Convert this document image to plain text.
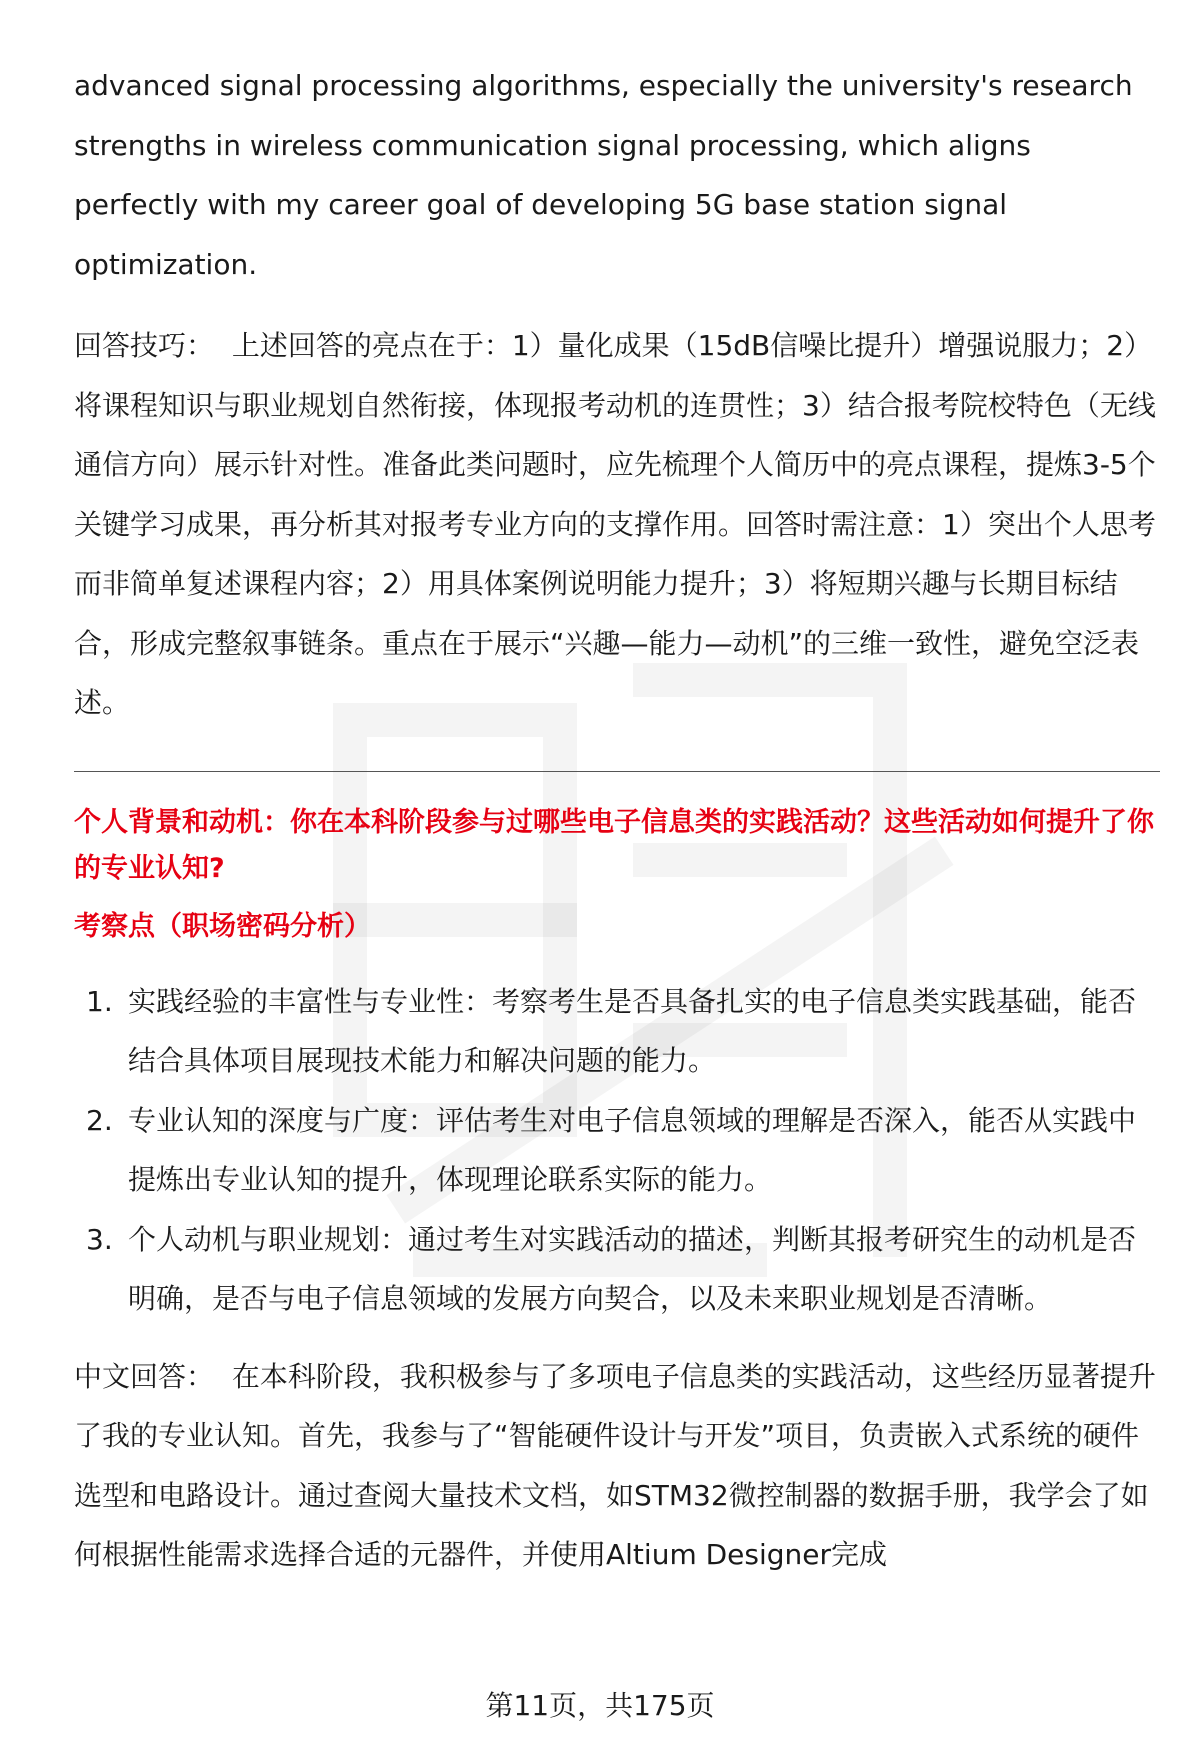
advanced signal processing algorithms, especially the university's research strengths in wireless communication signal processing, which aligns perfectly with my career goal of developing 5G base station signal optimization.

回答技巧： 上述回答的亮点在于：1）量化成果（15dB信噪比提升）增强说服力；2）将课程知识与职业规划自然衔接，体现报考动机的连贯性；3）结合报考院校特色（无线通信方向）展示针对性。准备此类问题时，应先梳理个人简历中的亮点课程，提炼3-5个关键学习成果，再分析其对报考专业方向的支撑作用。回答时需注意：1）突出个人思考而非简单复述课程内容；2）用具体案例说明能力提升；3）将短期兴趣与长期目标结合，形成完整叙事链条。重点在于展示“兴趣—能力—动机”的三维一致性，避免空泛表述。

个人背景和动机：你在本科阶段参与过哪些电子信息类的实践活动？这些活动如何提升了你的专业认知?
考察点（职场密码分析）
1. 实践经验的丰富性与专业性：考察考生是否具备扎实的电子信息类实践基础，能否结合具体项目展现技术能力和解决问题的能力。
2. 专业认知的深度与广度：评估考生对电子信息领域的理解是否深入，能否从实践中提炼出专业认知的提升，体现理论联系实际的能力。
3. 个人动机与职业规划：通过考生对实践活动的描述，判断其报考研究生的动机是否明确，是否与电子信息领域的发展方向契合，以及未来职业规划是否清晰。

中文回答： 在本科阶段，我积极参与了多项电子信息类的实践活动，这些经历显著提升了我的专业认知。首先，我参与了“智能硬件设计与开发”项目，负责嵌入式系统的硬件选型和电路设计。通过查阅大量技术文档，如STM32微控制器的数据手册，我学会了如何根据性能需求选择合适的元器件，并使用Altium Designer完成

第11页，共175页
